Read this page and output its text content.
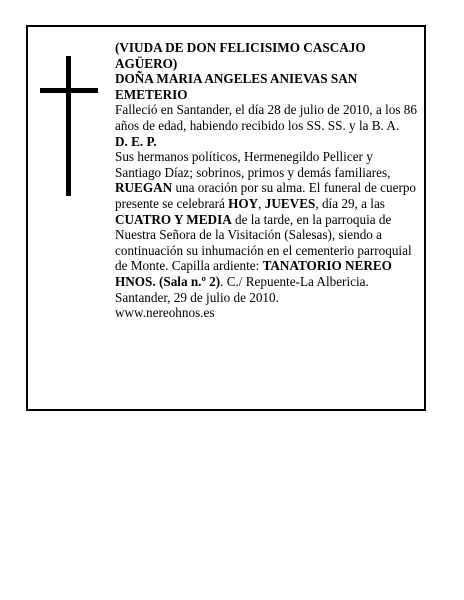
(VIUDA DE DON FELICISIMO CASCAJO AGÜERO)

DOÑA MARIA ANGELES ANIEVAS SAN EMETERIO

Falleció en Santander, el día 28 de julio de 2010, a los 86 años de edad, habiendo recibido los SS. SS. y la B. A.

D. E. P.

Sus hermanos políticos, Hermenegildo Pellicer y Santiago Díaz; sobrinos, primos y demás familiares, RUEGAN una oración por su alma. El funeral de cuerpo presente se celebrará HOY, JUEVES, día 29, a las CUATRO Y MEDIA de la tarde, en la parroquia de Nuestra Señora de la Visitación (Salesas), siendo a continuación su inhumación en el cementerio parroquial de Monte. Capilla ardiente: TANATORIO NEREO HNOS. (Sala n.º 2). C./ Repuente-La Albericia.

Santander, 29 de julio de 2010.

www.nereohnos.es
